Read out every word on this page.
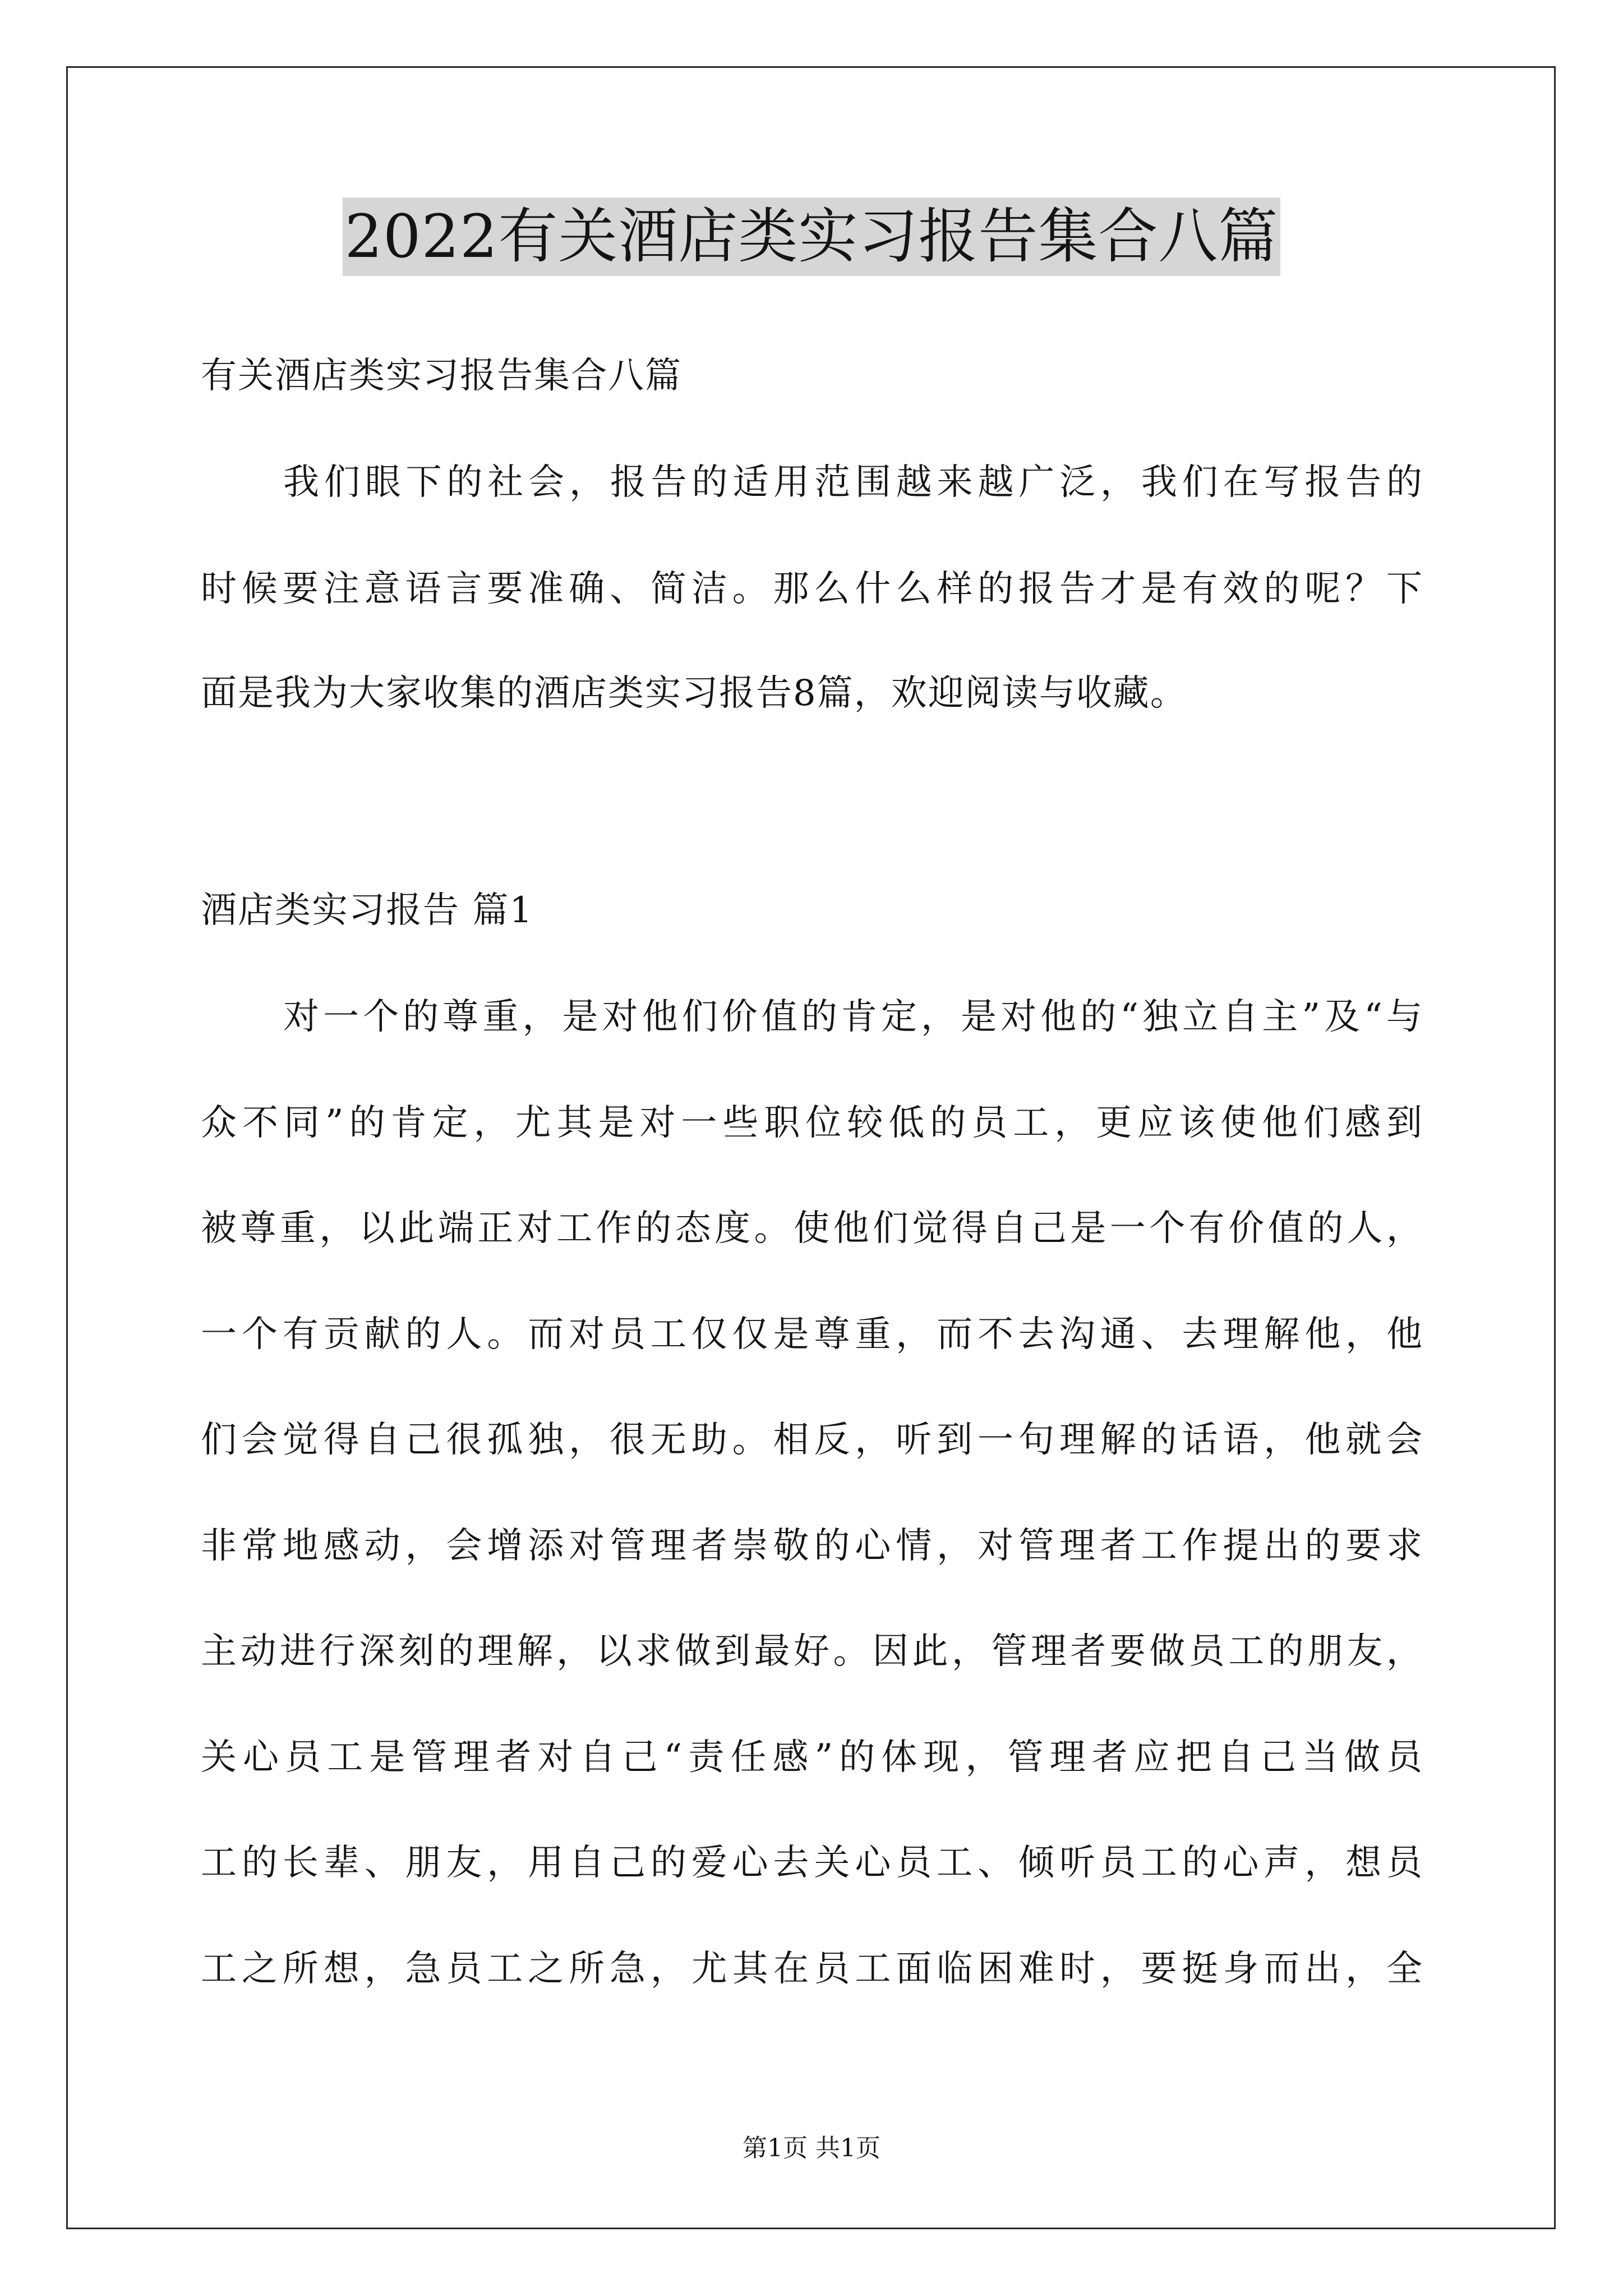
2022有关酒店类实习报告集合八篇
有关酒店类实习报告集合八篇
我们眼下的社会，报告的适用范围越来越广泛，我们在写报告的
时候要注意语言要准确、简洁。那么什么样的报告才是有效的呢？下
面是我为大家收集的酒店类实习报告8篇，欢迎阅读与收藏。
酒店类实习报告 篇1
对一个的尊重，是对他们价值的肯定，是对他的“独立自主”及“与
众不同”的肯定，尤其是对一些职位较低的员工，更应该使他们感到
被尊重，以此端正对工作的态度。使他们觉得自己是一个有价值的人，
一个有贡献的人。而对员工仅仅是尊重，而不去沟通、去理解他，他
们会觉得自己很孤独，很无助。相反，听到一句理解的话语，他就会
非常地感动，会增添对管理者崇敬的心情，对管理者工作提出的要求
主动进行深刻的理解，以求做到最好。因此，管理者要做员工的朋友，
关心员工是管理者对自己“责任感”的体现，管理者应把自己当做员
工的长辈、朋友，用自己的爱心去关心员工、倾听员工的心声，想员
工之所想，急员工之所急，尤其在员工面临困难时，要挺身而出，全
第1页 共1页
